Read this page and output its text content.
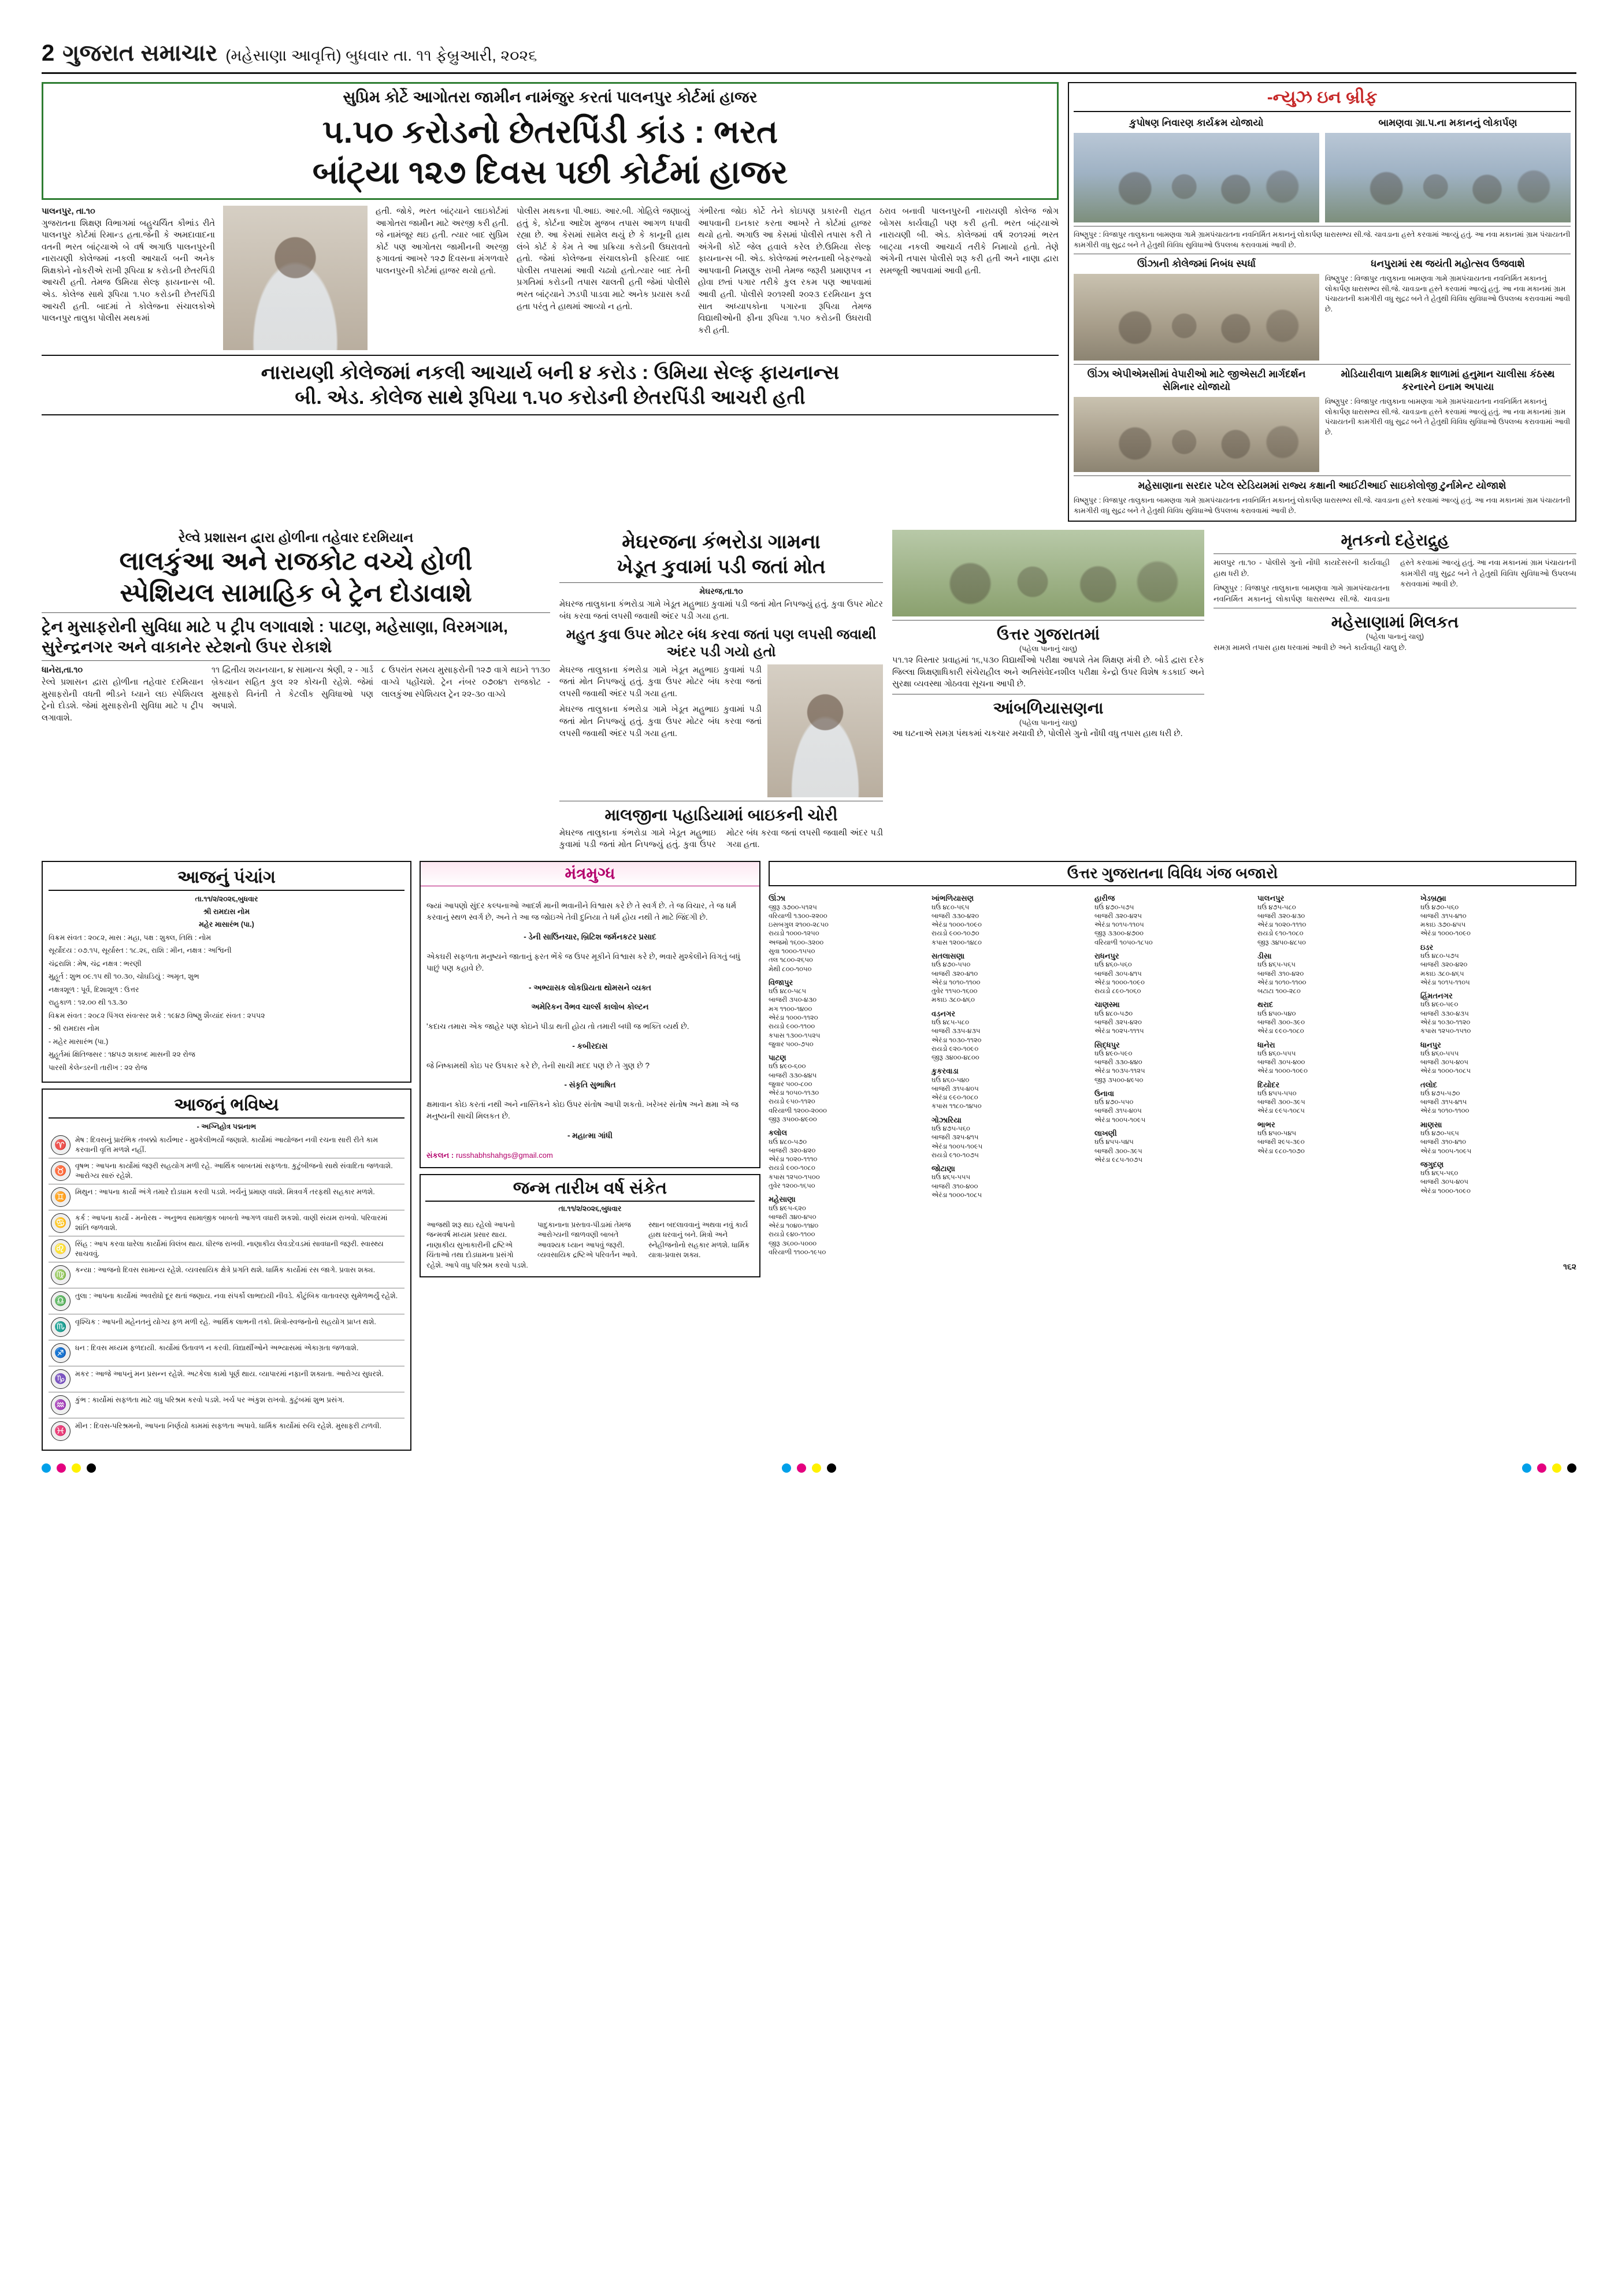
2 ગુજરાત સમાચાર (મહેસાણા આવૃત્તિ) બુધવાર તા. ૧૧ ફેબ્રુઆરી, ૨૦૨૬
સુપ્રિમ કોર્ટે આગોતરા જામીન નામંજુર કરતાં પાલનપુર કોર્ટમાં હાજર
૫.૫૦ કરોડનો છેતરપિંડી કાંડ : ભરત
બાંટ્યા ૧૨૭ દિવસ પછી કોર્ટમાં હાજર
પાલનપુર, તા.૧૦

ગુજરાતના શિક્ષણ વિભાગમાં બહુચર્ચિત કૌભાંડ રીતે પાલનપુર કોર્ટમાં રિમાન્ડ હતા.જેની કે અમદાવાદના વતની ભરત બાંટ્યાએ બે વર્ષ અગાઉ પાલનપુરની નારાયણી કોલેજમાં નકલી આચાર્ય બની અનેક શિક્ષકોને નોકરીએ રાખી રૂપિયા ૪ કરોડની છેતરપિંડી આચરી હતી. તેમજ ઉમિયા સેલ્ફ ફાયનાન્સ બી. એડ. કોલેજ સાથે રૂપિયા ૧.૫૦ કરોડની છેતરપિંડી આચરી હતી. બાદમાં તે કોલેજના સંચાલકોએ પાલનપુર તાલુકા પોલીસ મથકમાં

હતી. જોકે, ભરત બાંટ્યાને લાઇકોર્ટમાં આગોતરા જામીન માટે અરજી કરી હતી. જે નામંજૂર થઇ હતી. ત્યાર બાદ સુપ્રિમ કોર્ટ પણ આગોતરા જામીનની અરજી ફગાવતાં આખરે ૧૨૭ દિવસના મંગળવારે પાલનપુરની કોર્ટમાં હાજર થયો હતો.

પોલીસ મથકના પી.આઇ. આર.બી. ગોહિલે જણાવ્યું હતું કે, કોર્ટના આદેશ મુજબ તપાસ આગળ ધપાવી રહ્યા છે. આ કેસમાં સામેલ થયું છે કે કાનૂની હાથ લંબે કોર્ટ કે કેમ તે આ પ્રક્રિયા કરોડની ઉઘરાવતો હતો. જેમાં કોલેજના સંચાલકોની ફરિયાદ બાદ પોલીસ તપાસમાં આવી ચઢ્યો હતો.ત્યાર બાદ તેની પ્રગતિમાં કરોડની તપાસ ચાલતી હતી જેમાં પોલીસે ભરત બાંટ્યાને ઝડપી પાડવા માટે અનેક પ્રયાસ કર્યા હતા પરંતુ તે હાથમાં આવ્યો ન હતો.

ગંભીરતા જોઇ કોર્ટે તેને કોઇપણ પ્રકારની રાહત આપવાની ઇનકાર કરતા આખરે તે કોર્ટમાં હાજર થયો હતો. અગાઉ આ કેસમાં પોલીસે તપાસ કરી તે અંગેની કોર્ટે જેલ હવાલે કરેલ છે.ઉમિયા સેલ્ફ ફાયનાન્સ બી. એડ. કોલેજમાં ભરતનાથી બેફરજ્યો આપવાની નિમણૂક રાખી તેમજ જરૂરી પ્રમાણપત્ર ન હોવા છતાં પગાર તરીકે કુલ રકમ પણ આપવામાં આવી હતી. પોલીસે ૨૦૧૨થી ૨૦૨૩ દરમિયાન કુલ સાત અધ્યાપકોના પગારના રૂપિયા તેમજ વિદ્યાથીઓની ફીના રૂપિયા ૧.૫૦ કરોડની ઉઘરાવી કરી હતી.

ઠરાવ બનાવી પાલનપુરની નારાયણી કોલેજ જોગ બોગસ કાર્યવાહી પણ કરી હતી. ભરત બાંટ્યાએ નારાયણી બી. એડ. કોલેજમાં વર્ષ ૨૦૧૨માં ભરત બાટ્યા નકલી આચાર્ય તરીકે નિમાયો હતો. તેણે અંગેની તપાસ પોલીસે શરૂ કરી હતી અને નાણા દ્વારા સમજૂતી આપવામાં આવી હતી.

નારાયણી કોલેજમાં નકલી આચાર્ય બની ૪ કરોડ : ઉમિયા સેલ્ફ ફાયનાન્સ
બી. એડ. કોલેજ સાથે રૂપિયા ૧.૫૦ કરોડની છેતરપિંડી આચરી હતી
-ન્યુઝ ઇન બ્રીફ
કુપોષણ નિવારણ કાર્યક્રમ યોજાયો	બામણવા ગ્રા.પ.ના મકાનનું લોકાર્પણ
વિષ્ણુપુર : વિજાપુર તાલુકાના બામણવા ગામે ગ્રામપંચાયતના નવનિર્મિત મકાનનું લોકાર્પણ ધારાસભ્ય સી.જે. ચાવડાના હસ્તે કરવામાં આવ્યું હતું. આ નવા મકાનમાં ગ્રામ પંચાયતની કામગીરી વધુ સુદ્રઢ બને તે હેતુથી વિવિધ સુવિધાઓ ઉપલબ્ધ કરાવવામાં આવી છે.
ઊંઝાની કોલેજમાં નિબંધ સ્પર્ધા	ધનપુરામાં રથ જયંતી મહોત્સવ ઉજવાશે
વિષ્ણુપુર : વિજાપુર તાલુકાના બામણવા ગામે ગ્રામપંચાયતના નવનિર્મિત મકાનનું લોકાર્પણ ધારાસભ્ય સી.જે. ચાવડાના હસ્તે કરવામાં આવ્યું હતું. આ નવા મકાનમાં ગ્રામ પંચાયતની કામગીરી વધુ સુદ્રઢ બને તે હેતુથી વિવિધ સુવિધાઓ ઉપલબ્ધ કરાવવામાં આવી છે.
ઊંઝા એપીએમસીમાં વેપારીઓ માટે જીએસટી માર્ગદર્શન સેમિનાર યોજાયો
મોડિયારીવાળ પ્રાથમિક શાળામાં હનુમાન ચાલીસા કંઠસ્થ કરનારને ઇનામ અપાયા
વિષ્ણુપુર : વિજાપુર તાલુકાના બામણવા ગામે ગ્રામપંચાયતના નવનિર્મિત મકાનનું લોકાર્પણ ધારાસભ્ય સી.જે. ચાવડાના હસ્તે કરવામાં આવ્યું હતું. આ નવા મકાનમાં ગ્રામ પંચાયતની કામગીરી વધુ સુદ્રઢ બને તે હેતુથી વિવિધ સુવિધાઓ ઉપલબ્ધ કરાવવામાં આવી છે.
મહેસાણાના સરદાર પટેલ સ્ટેડિયમમાં રાજ્ય કક્ષાની આઈટીઆઈ સાઇકોલોજી ટુર્નામેન્ટ યોજાશે
વિષ્ણુપુર : વિજાપુર તાલુકાના બામણવા ગામે ગ્રામપંચાયતના નવનિર્મિત મકાનનું લોકાર્પણ ધારાસભ્ય સી.જે. ચાવડાના હસ્તે કરવામાં આવ્યું હતું. આ નવા મકાનમાં ગ્રામ પંચાયતની કામગીરી વધુ સુદ્રઢ બને તે હેતુથી વિવિધ સુવિધાઓ ઉપલબ્ધ કરાવવામાં આવી છે.
રેલ્વે પ્રશાસન દ્વારા હોળીના તહેવાર દરમિયાન
લાલકુંઆ અને રાજકોટ વચ્ચે હોળી
સ્પેશિયલ સામાહિક બે ટ્રેન દોડાવાશે
ટ્રેન મુસાફરોની સુવિધા માટે ૫ ટ્રીપ લગાવાશે : પાટણ, મહેસાણા, વિરમગામ, સુરેન્દ્રનગર અને વાકાનેર સ્ટેશનો ઉપર રોકાશે
ધાનેરા,તા.૧૦

રેલ્વે પ્રશાસન દ્વારા હોળીના તહેવાર દરમિયાન મુસાફરોની વધતી ભીડને ધ્યાને લઇ સ્પેશિયલ ટ્રેનો દોડશે. જેમાં મુસાફરોની સુવિધા માટે ૫ ટ્રીપ લગાવાશે.

૧૧ દ્વિતીય શયનયાન, ૪ સામાન્ય શ્રેણી, ૨ - ગાર્ડ બ્રેકયાન સહિત કુલ ૨૨ કોચની રહેશે. જેમાં મુસાફરો વિનંતી તે કેટલીક સુવિધાઓ પણ અપાશે.

૮ ઉપરાંત સમય મુસાફરોની ૧૨૭ વાગે થઇને ૧૧૩૦ વાગ્યે પહોંચશે. ટ્રેન નંબર ૦૭૦૪૧ રાજકોટ - લાલકુંઆ સ્પેશિયલ ટ્રેન ૨૨-૩૦ વાગ્યે

મેઘરજના કંભરોડા ગામના
ખેડૂત કુવામાં પડી જતાં મોત
મેઘરજ,તા.૧૦
મેઘરજ તાલુકાના કંભરોડા ગામે ખેડૂત મહુભાઇ કુવામાં પડી જતાં મોત નિપજ્યું હતું. કુવા ઉપર મોટર બંધ કરવા જતાં લપસી જવાથી અંદર પડી ગયા હતા.
મહુત કુવા ઉપર મોટર બંધ કરવા જતાં પણ લપસી જવાથી અંદર પડી ગયો હતો

મેઘરજ તાલુકાના કંભરોડા ગામે ખેડૂત મહુભાઇ કુવામાં પડી જતાં મોત નિપજ્યું હતું. કુવા ઉપર મોટર બંધ કરવા જતાં લપસી જવાથી અંદર પડી ગયા હતા.

મેઘરજ તાલુકાના કંભરોડા ગામે ખેડૂત મહુભાઇ કુવામાં પડી જતાં મોત નિપજ્યું હતું. કુવા ઉપર મોટર બંધ કરવા જતાં લપસી જવાથી અંદર પડી ગયા હતા.

માલજીના પહાડિયામાં બાઇકની ચોરી

મેઘરજ તાલુકાના કંભરોડા ગામે ખેડૂત મહુભાઇ કુવામાં પડી જતાં મોત નિપજ્યું હતું. કુવા ઉપર મોટર બંધ કરવા જતાં લપસી જવાથી અંદર પડી ગયા હતા.

ઉત્તર ગુજરાતમાં
(પહેલા પાનાનું ચાલુ)
૫૧.૧૨ વિસ્તાર પ્રવાહમાં ૧૬,૫૩૦ વિદ્યાર્થીઓ પરીક્ષા આપશે તેમ શિક્ષણ મંત્રી છે. બોર્ડ દ્વારા દરેક જિલ્લા શિક્ષણાધિકારી સંચેરાહીલ અને અતિસંવેદનશીલ પરીક્ષા કેન્દ્રો ઉપર વિશેષ કડકાઈ અને સુરક્ષા વ્યવસ્થા ગોઠવવા સૂચના આપી છે.
આંબળિયાસણના
(પહેલા પાનાનું ચાલુ)
આ ઘટનાએ સમગ્ર પંથકમાં ચકચાર મચાવી છે, પોલીસે ગુનો નોંધી વધુ તપાસ હાથ ધરી છે.
મૃતકનો દહેરાદ્રુહ

માલપુર તા.૧૦ - પોલીસે ગુનો નોંધી કાયદેસરની કાર્યવાહી હાથ ધરી છે.

વિષ્ણુપુર : વિજાપુર તાલુકાના બામણવા ગામે ગ્રામપંચાયતના નવનિર્મિત મકાનનું લોકાર્પણ ધારાસભ્ય સી.જે. ચાવડાના હસ્તે કરવામાં આવ્યું હતું. આ નવા મકાનમાં ગ્રામ પંચાયતની કામગીરી વધુ સુદ્રઢ બને તે હેતુથી વિવિધ સુવિધાઓ ઉપલબ્ધ કરાવવામાં આવી છે.

મહેસાણામાં મિલકત
(પહેલા પાનાનું ચાલુ)
સમગ્ર મામલે તપાસ હાથ ધરવામાં આવી છે અને કાર્યવાહી ચાલુ છે.
આજનું પંચાંગ
તા.૧૧/૨/૨૦૨૬,બુધવાર

શ્રી રામદાસ નોમ

મહેર માસારંભ (પા.)

વિક્રમ સંવત : ૨૦૮૨, માસ : મહા, પક્ષ : શુક્લ, તિથિ : નોમ

સૂર્યોદય : ૦૭.૧૫, સૂર્યાસ્ત : ૧૮.૨૬, રાશિ : મીન, નક્ષત્ર : અશ્વિની

ચંદ્રરાશિ : મેષ, ચંદ્ર નક્ષત્ર : ભરણી

મુહૂર્ત : શુભ ૦૯.૧૫ થી ૧૦.૩૦, ચોઘડિયું : અમૃત, શુભ

નક્ષત્રશૂળ : પૂર્વ, દિશાશૂળ : ઉત્તર

રાહુકાળ : ૧૨.૦૦ થી ૧૩.૩૦

વિક્રમ સંવત : ૨૦૮૨ પિંગલ સંવત્સર શકે : ૧૯૪૭ વિષ્ણુ શૈવ્યાંદ સંવત : ૨૫૫૨

- શ્રી રામદાસ નોમ

- મહેર માસારંભ (પા.)

મુહૂર્તમાં ક્ષિતિજસર : ૧૪૫૭ શકાબ્દ માસની ૨૨ રોજ

પારસી કેલેન્ડરની તારીખ : ૨૨ રોજ

આજનું ભવિષ્ય
- અગ્નિહોત્ર પદ્મનાભ
♈	મેષ : દિવસનું પ્રારંભિક તબક્કો કાર્યભાર - મુશ્કેલીભર્યો જણાશે. કાર્યોમાં આયોજન નવી રચના સારી રીતે કામ કરવાની વૃત્તિ મળશે નહીં.
♉	વૃષભ : આપના કાર્યોમાં જરૂરી સહયોગ મળી રહે. આર્થિક બાબતમાં સફળતા. કુટુંબીજનો સાથે સંવાદિતા જળવાશે. આરોગ્ય સારું રહેશે.
♊	મિથુન : આપના કાર્યો અંગે તમારે દોડધામ કરવી પડશે. ખર્ચનું પ્રમાણ વધશે. મિત્રવર્ગ તરફથી સહકાર મળશે.
♋	કર્ક : આપના કાર્યો - મનોરથ - અનુભવ સામાજીક બાબતો આગળ વધારી શકશો. વાણી સંયમ રાખવો. પરિવારમાં શાંતિ જળવાશે.
♌	સિંહ : આપ કરવા ધારેલા કાર્યોમાં વિલંબ થાય. ધીરજ રાખવી. નાણાકીય લેવડદેવડમાં સાવધાની જરૂરી. સ્વાસ્થ્ય સાચવવું.
♍	કન્યા : આજનો દિવસ સામાન્ય રહેશે. વ્યવસાયિક ક્ષેત્રે પ્રગતિ થશે. ધાર્મિક કાર્યોમાં રસ જાગે. પ્રવાસ શક્ય.
♎	તુલા : આપના કાર્યોમાં અવરોધો દૂર થતાં જણાય. નવા સંપર્કો લાભદાયી નીવડે. કૌટુંબિક વાતાવરણ સુમેળભર્યું રહેશે.
♏	વૃશ્ચિક : આપની મહેનતનું યોગ્ય ફળ મળી રહે. આર્થિક લાભની તકો. મિત્રો-સ્વજનોનો સહયોગ પ્રાપ્ત થશે.
♐	ધન : દિવસ મધ્યમ ફળદાયી. કાર્યોમાં ઉતાવળ ન કરવી. વિદ્યાર્થીઓને અભ્યાસમાં એકાગ્રતા જળવાશે.
♑	મકર : આજે આપનું મન પ્રસન્ન રહેશે. અટકેલા કામો પૂર્ણ થાય. વ્યાપારમાં નફાની શક્યતા. આરોગ્ય સુધરશે.
♒	કુંભ : કાર્યોમાં સફળતા માટે વધુ પરિશ્રમ કરવો પડશે. ખર્ચ પર અંકુશ રાખવો. કુટુંબમાં શુભ પ્રસંગ.
♓	મીન : દિવસ-પરિશ્રમનો, આપના નિર્ણયો કામમાં સફળતા અપાવે. ધાર્મિક કાર્યોમાં રુચિ રહેશે. મુસાફરી ટાળવી.
મંત્રમુગ્ધ

જ્યાં આપણો સુંદર કલ્પનાઓ આદર્શ માની ભવાનીને વિશ્વાસ કરે છે તે સ્વર્ગ છે. તે જ વિચાર, તે જ ધર્મ કરવાનું સ્થળ સ્વર્ગ છે, અને તે આ જ જોઇએ તેવી દુનિયા તે ધર્મ હોય નથી તે માટે જિંદગી છે.

- ડેની સાઉિનચાર, બ્રિટિશ જર્મનકટર પ્રસાદ

એકઘરી સફળતા મનુષ્યને જાતાનું ફરત ભેંકે જ ઉપર મૂકીને વિશ્વાસ કરે છે, ભવારે મુશ્કેલીને વિગતું બધું પાછું પણ કહાવે છે.

- અભ્યાસક લોકપ્રિયતા થોમસને વ્યક્ત

અમેરિકન વૈભવ ચાર્લ્સ કાલોબ કોલ્ટન

'કદાચ તમારા એક જાહેર પણ કોઇને પીડા થતી હોય તો તમારી બધી જ ભક્તિ વ્યર્થ છે.

- કબીરદાસ

જે નિષ્કામથી કોઇ પર ઉપકાર કરે છે, તેની સાચી મદદ પણ છે તે ગુણ છે ?

- સંકૃતિ સુભાષિત

ક્ષમાવાન કોઇ કરતાં નથી અને નાસ્તિકને કોઇ ઉપર સંતોષ આપી શકતો. ખરેખર સંતોષ અને ક્ષમા એ જ મનુષ્યની સાચી મિલકત છે.

- મહાત્મા ગાંધી

સંકલન : russhabhshahgs@gmail.com
જન્મ તારીખ વર્ષ સંકેત
તા.૧૧/૨/૨૦૨૬,બુધવાર
આજથી શરૂ થઇ રહેલો આપનો જન્મવર્ષ મધ્યમ પ્રસાર થાય. નાણાકીય સુખાકારીની દ્રષ્ટિએ ચિંતાઓ તથા દોડધામના પ્રસંગો રહેશે. આપે વધુ પરિશ્રમ કરવો પડશે.
પાદુકાનાના પ્રસ્તાવ-પીડામાં તેમજ આરોગ્યની જાળવણી બાબતે આવશ્યક ધ્યાન આપવું જરૂરી. વ્યવસાયિક દ્રષ્ટિએ પરિવર્તન આવે.
સ્થાન બદલાવવાનું અથવા નવું કાર્ય હાથ ધરવાનું બને. મિત્રો અને સ્નેહીજનોનો સહકાર મળશે. ધાર્મિક યાત્રા-પ્રવાસ શક્ય.
ઉત્તર ગુજરાતના વિવિધ ગંજ બજારો
ઊંઝા
જીરૂ ૩૭૦૦-૫૧૨૫
વરિયાળી ૧૩૦૦-૨૨૦૦
ઇસબગુલ ૨૧૦૦-૨૮૫૦
રાયડો ૧૦૦૦-૧૨૫૦
અજમો ૧૬૦૦-૩૨૦૦
સુવા ૧૦૦૦-૧૫૫૦
તલ ૧૮૦૦-૨૬૫૦
મેથી ૮૦૦-૧૦૫૦
વિજાપુર
ઘઉં ૪૮૦-૫૮૫
બાજરી ૩૫૦-૪૩૦
મગ ૧૧૦૦-૧૪૦૦
એરંડા ૧૦૦૦-૧૧૨૦
રાયડો ૯૦૦-૧૧૦૦
કપાસ ૧૩૦૦-૧૫૨૫
જુવાર ૫૦૦-૭૫૦
પાટણ
ઘઉં ૪૯૦-૬૦૦
બાજરી ૩૩૦-૪૪૫
જુવાર ૫૦૦-૮૦૦
એરંડા ૧૦૫૦-૧૧૩૦
રાયડો ૯૫૦-૧૧૨૦
વરિયાળી ૧૨૦૦-૨૦૦૦
જીરૂ ૩૫૦૦-૪૯૦૦
કલોલ
ઘઉં ૪૮૦-૫૭૦
બાજરી ૩૨૦-૪૨૦
એરંડા ૧૦૨૦-૧૧૧૦
રાયડો ૯૦૦-૧૦૮૦
કપાસ ૧૨૫૦-૧૫૦૦
તુવેર ૧૨૦૦-૧૬૫૦
મહેસાણા
ઘઉં ૪૯૫-૬૨૦
બાજરી ૩૪૦-૪૫૦
એરંડા ૧૦૪૦-૧૧૪૦
રાયડો ૯૪૦-૧૧૦૦
જીરૂ ૩૬૦૦-૫૦૦૦
વરિયાળી ૧૧૦૦-૧૯૫૦
ખાંભળિયાસણ
ઘઉં ૪૮૦-૫૬૫
બાજરી ૩૩૦-૪૨૦
એરંડા ૧૦૦૦-૧૦૯૦
રાયડો ૯૦૦-૧૦૭૦
કપાસ ૧૨૦૦-૧૪૮૦
સતલાસણા
ઘઉં ૪૭૦-૫૫૦
બાજરી ૩૨૦-૪૧૦
એરંડા ૧૦૧૦-૧૧૦૦
તુવેર ૧૧૫૦-૧૬૦૦
મકાઇ ૩૮૦-૪૬૦
વડનગર
ઘઉં ૪૮૫-૫૮૦
બાજરી ૩૩૫-૪૩૫
એરંડા ૧૦૩૦-૧૧૨૦
રાયડો ૯૨૦-૧૦૯૦
જીરૂ ૩૪૦૦-૪૮૦૦
કુકરવાડા
ઘઉં ૪૬૦-૫૪૦
બાજરી ૩૧૫-૪૦૫
એરંડા ૯૯૦-૧૦૮૦
કપાસ ૧૧૮૦-૧૪૫૦
ગોઝારિયા
ઘઉં ૪૭૫-૫૬૦
બાજરી ૩૨૫-૪૧૫
એરંડા ૧૦૦૫-૧૦૯૫
રાયડો ૯૧૦-૧૦૭૫
જોટાણા
ઘઉં ૪૬૫-૫૫૫
બાજરી ૩૧૦-૪૦૦
એરંડા ૧૦૦૦-૧૦૮૫
હારીજ
ઘઉં ૪૭૦-૫૭૫
બાજરી ૩૨૦-૪૨૫
એરંડા ૧૦૧૫-૧૧૦૫
જીરૂ ૩૩૦૦-૪૭૦૦
વરિયાળી ૧૦૫૦-૧૮૫૦
રાધનપુર
ઘઉં ૪૬૦-૫૬૦
બાજરી ૩૦૫-૪૧૫
એરંડા ૧૦૦૦-૧૦૯૦
રાયડો ૮૯૦-૧૦૬૦
ચાણસ્મા
ઘઉં ૪૮૦-૫૭૦
બાજરી ૩૨૫-૪૨૦
એરંડા ૧૦૨૫-૧૧૧૫
સિદ્ધપુર
ઘઉં ૪૯૦-૫૯૦
બાજરી ૩૩૦-૪૪૦
એરંડા ૧૦૩૫-૧૧૨૫
જીરૂ ૩૫૦૦-૪૯૫૦
ઉનાવા
ઘઉં ૪૭૦-૫૫૦
બાજરી ૩૧૫-૪૦૫
એરંડા ૧૦૦૫-૧૦૯૫
લાખણી
ઘઉં ૪૫૫-૫૪૫
બાજરી ૩૦૦-૩૯૫
એરંડા ૯૮૫-૧૦૭૫
પાલનપુર
ઘઉં ૪૭૫-૫૮૦
બાજરી ૩૨૦-૪૩૦
એરંડા ૧૦૨૦-૧૧૧૦
રાયડો ૯૧૦-૧૦૮૦
જીરૂ ૩૪૫૦-૪૮૫૦
ડીસા
ઘઉં ૪૬૫-૫૬૫
બાજરી ૩૧૦-૪૨૦
એરંડા ૧૦૧૦-૧૧૦૦
બટાટા ૧૦૦-૨૮૦
થરાદ
ઘઉં ૪૫૦-૫૪૦
બાજરી ૩૦૦-૩૯૦
એરંડા ૯૯૦-૧૦૮૦
ધાનેરા
ઘઉં ૪૬૦-૫૫૫
બાજરી ૩૦૫-૪૦૦
એરંડા ૧૦૦૦-૧૦૯૦
દિયોદર
ઘઉં ૪૫૫-૫૫૦
બાજરી ૩૦૦-૩૯૫
એરંડા ૯૯૫-૧૦૮૫
ભાભર
ઘઉં ૪૫૦-૫૪૫
બાજરી ૨૯૫-૩૯૦
એરંડા ૯૮૦-૧૦૭૦
ખેડબ્રહ્મા
ઘઉં ૪૭૦-૫૬૦
બાજરી ૩૧૫-૪૧૦
મકાઇ ૩૭૦-૪૫૫
એરંડા ૧૦૦૦-૧૦૯૦
ઇડર
ઘઉં ૪૮૦-૫૭૫
બાજરી ૩૨૦-૪૨૦
મકાઇ ૩૮૦-૪૬૫
એરંડા ૧૦૧૫-૧૧૦૫
હિંમતનગર
ઘઉં ૪૯૦-૫૯૦
બાજરી ૩૩૦-૪૩૫
એરંડા ૧૦૩૦-૧૧૨૦
કપાસ ૧૨૫૦-૧૫૧૦
ધાનપુર
ઘઉં ૪૬૦-૫૫૫
બાજરી ૩૦૫-૪૦૫
એરંડા ૧૦૦૦-૧૦૮૫
તલોદ
ઘઉં ૪૭૫-૫૭૦
બાજરી ૩૧૫-૪૧૫
એરંડા ૧૦૧૦-૧૧૦૦
માણસા
ઘઉં ૪૭૦-૫૬૫
બાજરી ૩૧૦-૪૧૦
એરંડા ૧૦૦૫-૧૦૯૫
જગુદણ
ઘઉં ૪૬૫-૫૬૦
બાજરી ૩૦૫-૪૦૫
એરંડા ૧૦૦૦-૧૦૯૦
૧૬૨
